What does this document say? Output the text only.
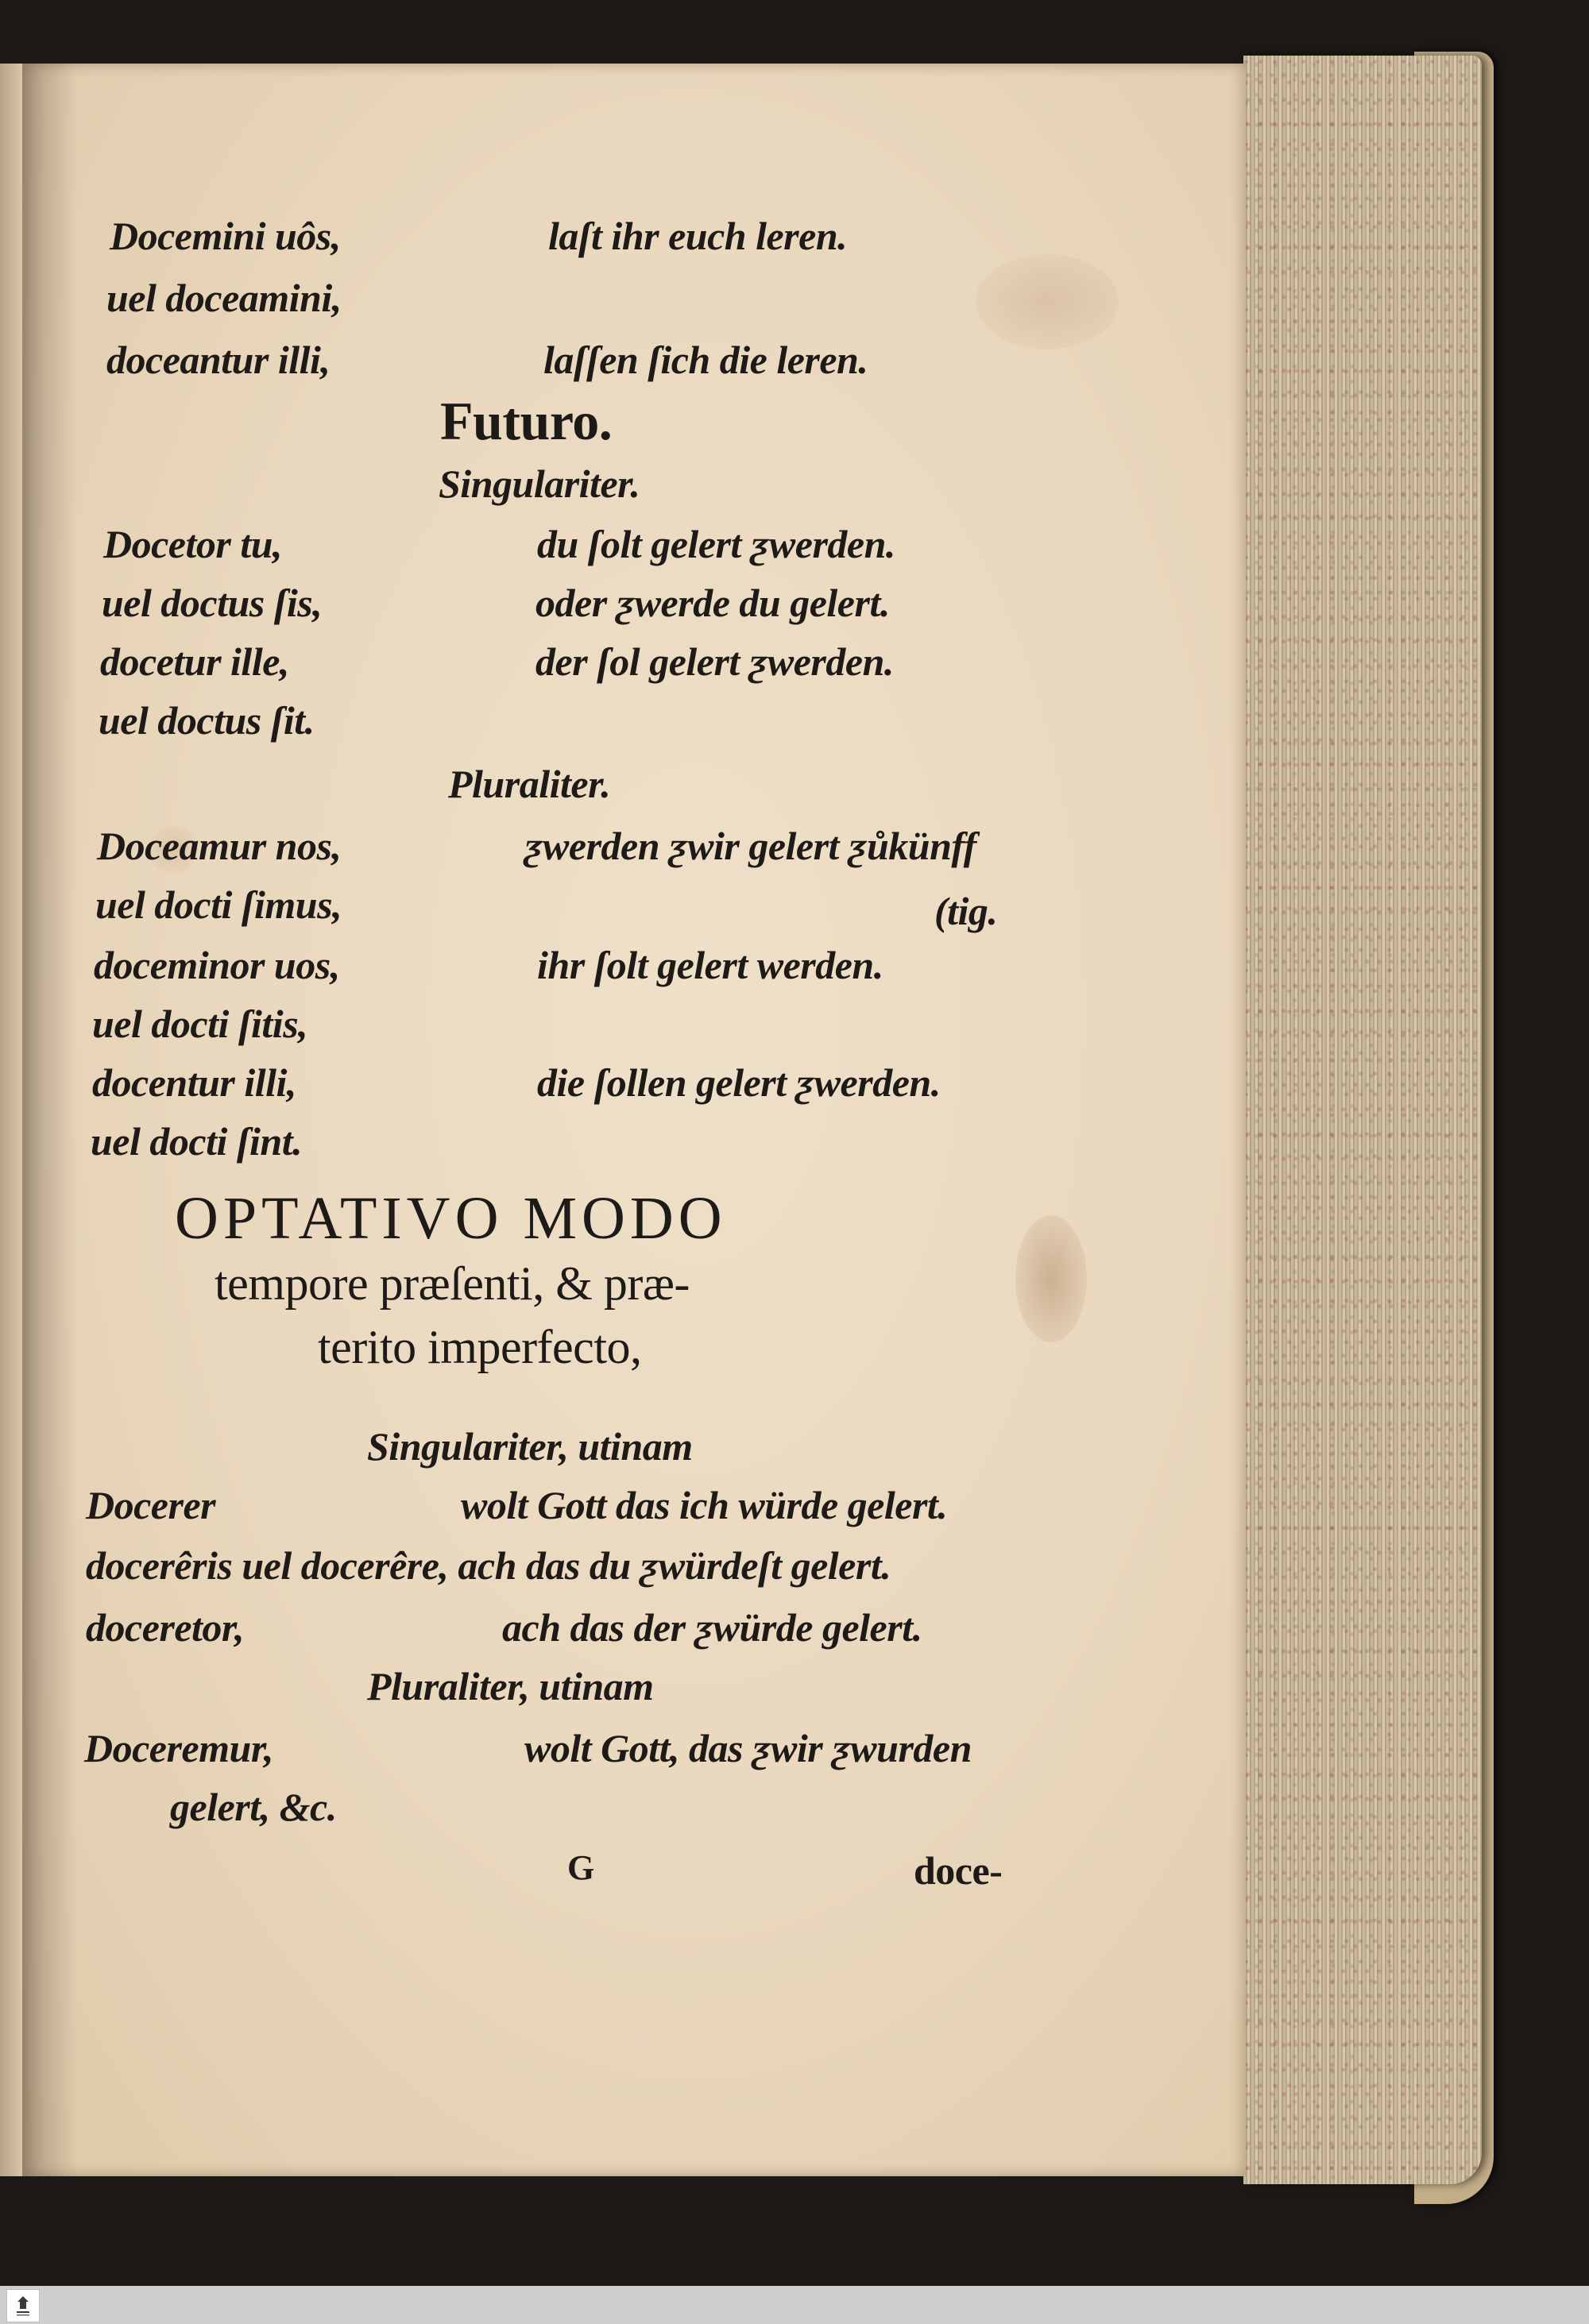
Docemini uôs,	laſt ihr euch leren.
uel doceamini,
doceantur illi,	laſſen ſich die leren.
Futuro.
Singulariter.
Docetor tu,	du ſolt gelert ƺwerden.
uel doctus ſis,	oder ƺwerde du gelert.
docetur ille,	der ſol gelert ƺwerden.
uel doctus ſit.
Pluraliter.
Doceamur nos,	ƺwerden ƺwir gelert ƺůkünff
uel docti ſimus,	(tig.
doceminor uos,	ihr ſolt gelert werden.
uel docti ſitis,
docentur illi,	die ſollen gelert ƺwerden.
uel docti ſint.
OPTATIVO MODO
tempore præſenti, & præ-
terito imperfecto,
Singulariter, utinam
Docerer	wolt Gott das ich würde gelert.
docerêris uel docerêre, ach das du ƺwürdeſt gelert.
doceretor,	ach das der ƺwürde gelert.
Pluraliter, utinam
Doceremur,	wolt Gott, das ƺwir ƺwurden
gelert, &c.
G	doce-
